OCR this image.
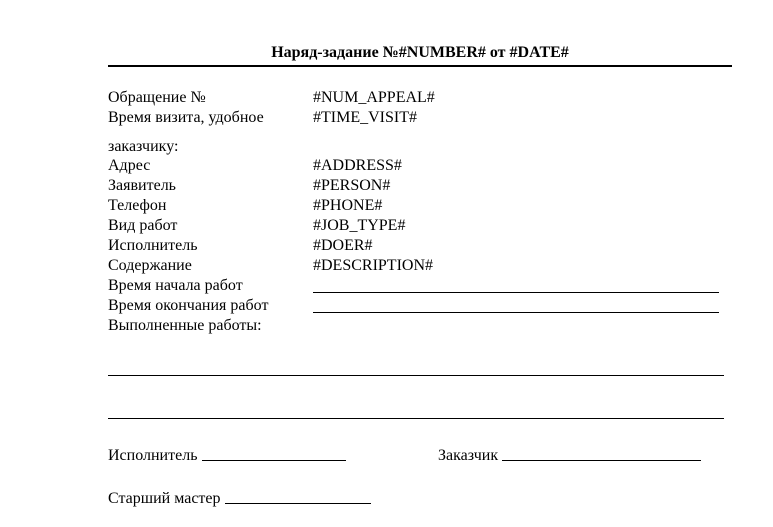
Наряд-задание №#NUMBER# от #DATE#
Обращение №	#NUM_APPEAL#
Время визита, удобное	#TIME_VISIT#
заказчику:
Адрес	#ADDRESS#
Заявитель	#PERSON#
Телефон	#PHONE#
Вид работ	#JOB_TYPE#
Исполнитель	#DOER#
Содержание	#DESCRIPTION#
Время начала работ
Время окончания работ
Выполненные работы:
Исполнитель	Заказчик
Старший мастер
